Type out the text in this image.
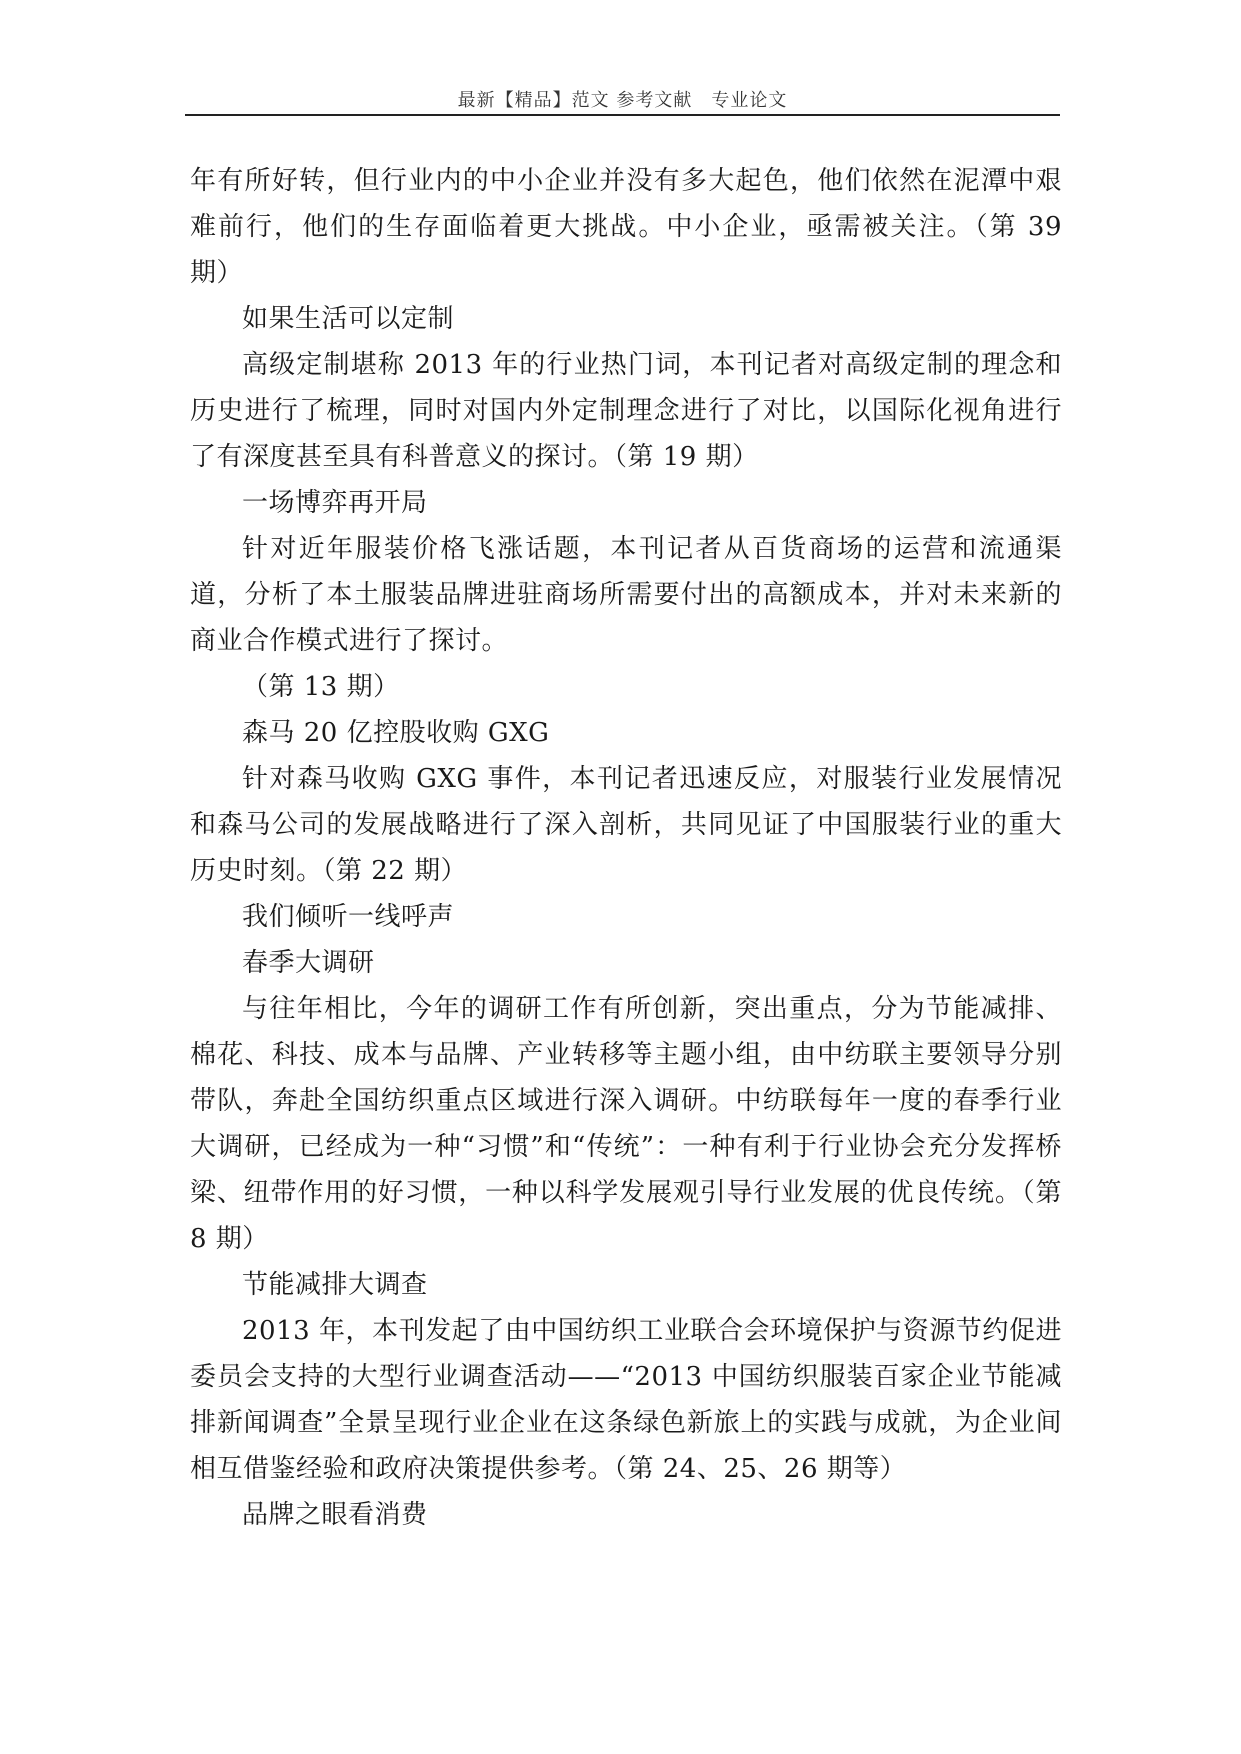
最新【精品】范文 参考文献　专业论文

年有所好转，但行业内的中小企业并没有多大起色，他们依然在泥潭中艰难前行，他们的生存面临着更大挑战。中小企业，亟需被关注。（第 39 期）

如果生活可以定制

高级定制堪称 2013 年的行业热门词，本刊记者对高级定制的理念和历史进行了梳理，同时对国内外定制理念进行了对比，以国际化视角进行了有深度甚至具有科普意义的探讨。（第 19 期）

一场博弈再开局

针对近年服装价格飞涨话题，本刊记者从百货商场的运营和流通渠道，分析了本土服装品牌进驻商场所需要付出的高额成本，并对未来新的商业合作模式进行了探讨。

（第 13 期）

森马 20 亿控股收购 GXG

针对森马收购 GXG 事件，本刊记者迅速反应，对服装行业发展情况和森马公司的发展战略进行了深入剖析，共同见证了中国服装行业的重大历史时刻。（第 22 期）

我们倾听一线呼声

春季大调研

与往年相比，今年的调研工作有所创新，突出重点，分为节能减排、棉花、科技、成本与品牌、产业转移等主题小组，由中纺联主要领导分别带队，奔赴全国纺织重点区域进行深入调研。中纺联每年一度的春季行业大调研，已经成为一种“习惯”和“传统”：一种有利于行业协会充分发挥桥梁、纽带作用的好习惯，一种以科学发展观引导行业发展的优良传统。（第 8 期）

节能减排大调查

2013 年，本刊发起了由中国纺织工业联合会环境保护与资源节约促进委员会支持的大型行业调查活动——“2013 中国纺织服装百家企业节能减排新闻调查”全景呈现行业企业在这条绿色新旅上的实践与成就，为企业间相互借鉴经验和政府决策提供参考。（第 24、25、26 期等）

品牌之眼看消费
